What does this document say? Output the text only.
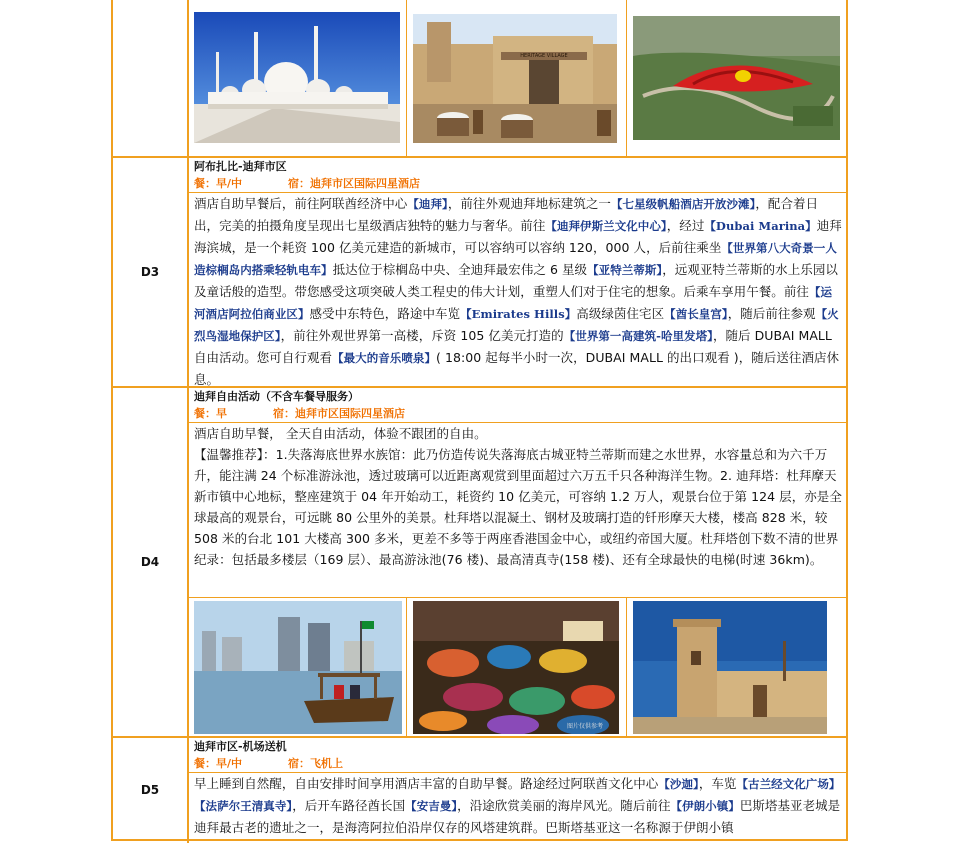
HERITAGE VILLAGE
D3
阿布扎比-迪拜市区
餐：早/中            宿：迪拜市区国际四星酒店
酒店自助早餐后，前往阿联酋经济中心【迪拜】，前往外观迪拜地标建筑之一【七星级帆船酒店开放沙滩】，配合着日出，完美的拍摄角度呈现出七星级酒店独特的魅力与奢华。前往【迪拜伊斯兰文化中心】，经过【Dubai Marina】迪拜海滨城，是一个耗资 100 亿美元建造的新城市，可以容纳可以容纳 120，000 人，后前往乘坐【世界第八大奇景一人造棕榈岛内搭乘轻轨电车】抵达位于棕榈岛中央、全迪拜最宏伟之 6 星级【亚特兰蒂斯】，远观亚特兰蒂斯的水上乐园以及童话般的造型。带您感受这项突破人类工程史的伟大计划，重塑人们对于住宅的想象。后乘车享用午餐。前往【运河酒店阿拉伯商业区】感受中东特色，路途中车览【Emirates Hills】高级绿茵住宅区【酋长皇宫】，随后前往参观【火烈鸟湿地保护区】，前往外观世界第一高楼，斥资 105 亿美元打造的【世界第一高建筑-哈里发塔】，随后 DUBAI MALL 自由活动。您可自行观看【最大的音乐喷泉】( 18:00 起每半小时一次，DUBAI MALL 的出口观看 )，随后送往酒店休息。
D4
迪拜自由活动（不含车餐导服务）
餐：早            宿：迪拜市区国际四星酒店
酒店自助早餐， 全天自由活动，体验不跟团的自由。
【温馨推荐】：1.失落海底世界水族馆：此乃仿造传说失落海底古城亚特兰蒂斯而建之水世界，水容量总和为六千万升，能注满 24 个标准游泳池，透过玻璃可以近距离观赏到里面超过六万五千只各种海洋生物。2. 迪拜塔：杜拜摩天新市镇中心地标，整座建筑于 04 年开始动工，耗资约 10 亿美元，可容纳 1.2 万人，观景台位于第 124 层，亦是全球最高的观景台，可远眺 80 公里外的美景。杜拜塔以混凝土、钢材及玻璃打造的钎形摩天大楼，楼高 828 米，较 508 米的台北 101 大楼高 300 多米，更差不多等于两座香港国金中心，或纽约帝国大厦。杜拜塔创下数不清的世界纪录：包括最多楼层（169 层）、最高游泳池(76 楼)、最高清真寺(158 楼)、还有全球最快的电梯(时速 36km)。
图片仅供参考
D5
迪拜市区-机场送机
餐：早/中            宿：飞机上
早上睡到自然醒，自由安排时间享用酒店丰富的自助早餐。路途经过阿联酋文化中心【沙迦】，车览【古兰经文化广场】【法萨尔王清真寺】，后开车路径酋长国【安吉曼】，沿途欣赏美丽的海岸风光。随后前往【伊朗小镇】巴斯塔基亚老城是迪拜最古老的遗址之一，是海湾阿拉伯沿岸仅存的风塔建筑群。巴斯塔基亚这一名称源于伊朗小镇
